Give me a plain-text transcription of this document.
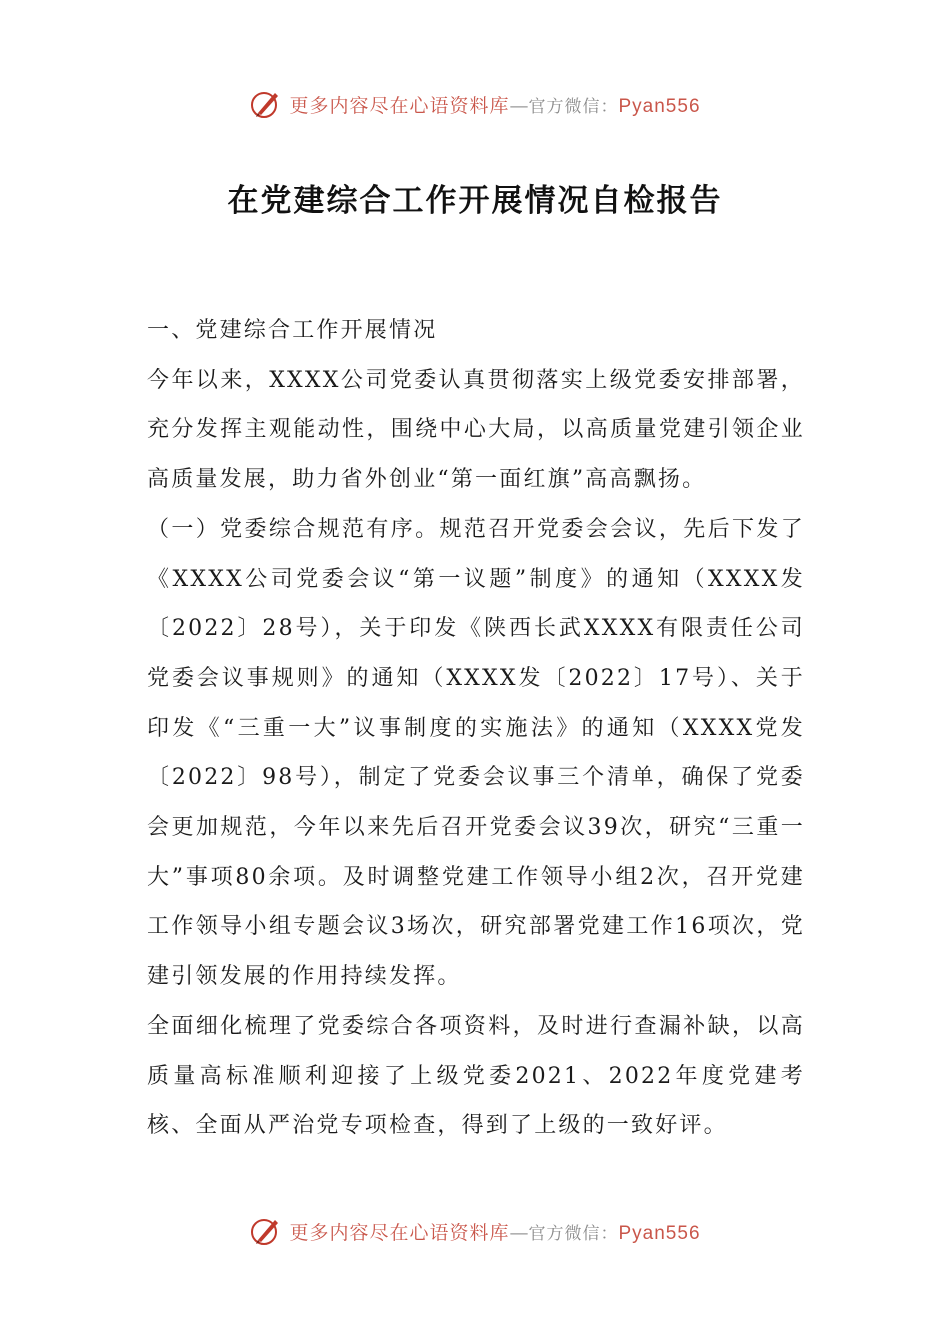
更多内容尽在心语资料库—官方微信：Pyan556
在党建综合工作开展情况自检报告

一、党建综合工作开展情况

今年以来，XXXX公司党委认真贯彻落实上级党委安排部署，充分发挥主观能动性，围绕中心大局，以高质量党建引领企业高质量发展，助力省外创业“第一面红旗”高高飘扬。

（一）党委综合规范有序。规范召开党委会会议，先后下发了《XXXX公司党委会议“第一议题”制度》的通知（XXXX发〔2022〕28号），关于印发《陕西长武XXXX有限责任公司党委会议事规则》的通知（XXXX发〔2022〕17号）、关于印发《“三重一大”议事制度的实施法》的通知（XXXX党发〔2022〕98号），制定了党委会议事三个清单，确保了党委会更加规范，今年以来先后召开党委会议39次，研究“三重一大”事项80余项。及时调整党建工作领导小组2次，召开党建工作领导小组专题会议3场次，研究部署党建工作16项次，党建引领发展的作用持续发挥。

全面细化梳理了党委综合各项资料，及时进行查漏补缺，以高质量高标准顺利迎接了上级党委2021、2022年度党建考核、全面从严治党专项检查，得到了上级的一致好评。

更多内容尽在心语资料库—官方微信：Pyan556
